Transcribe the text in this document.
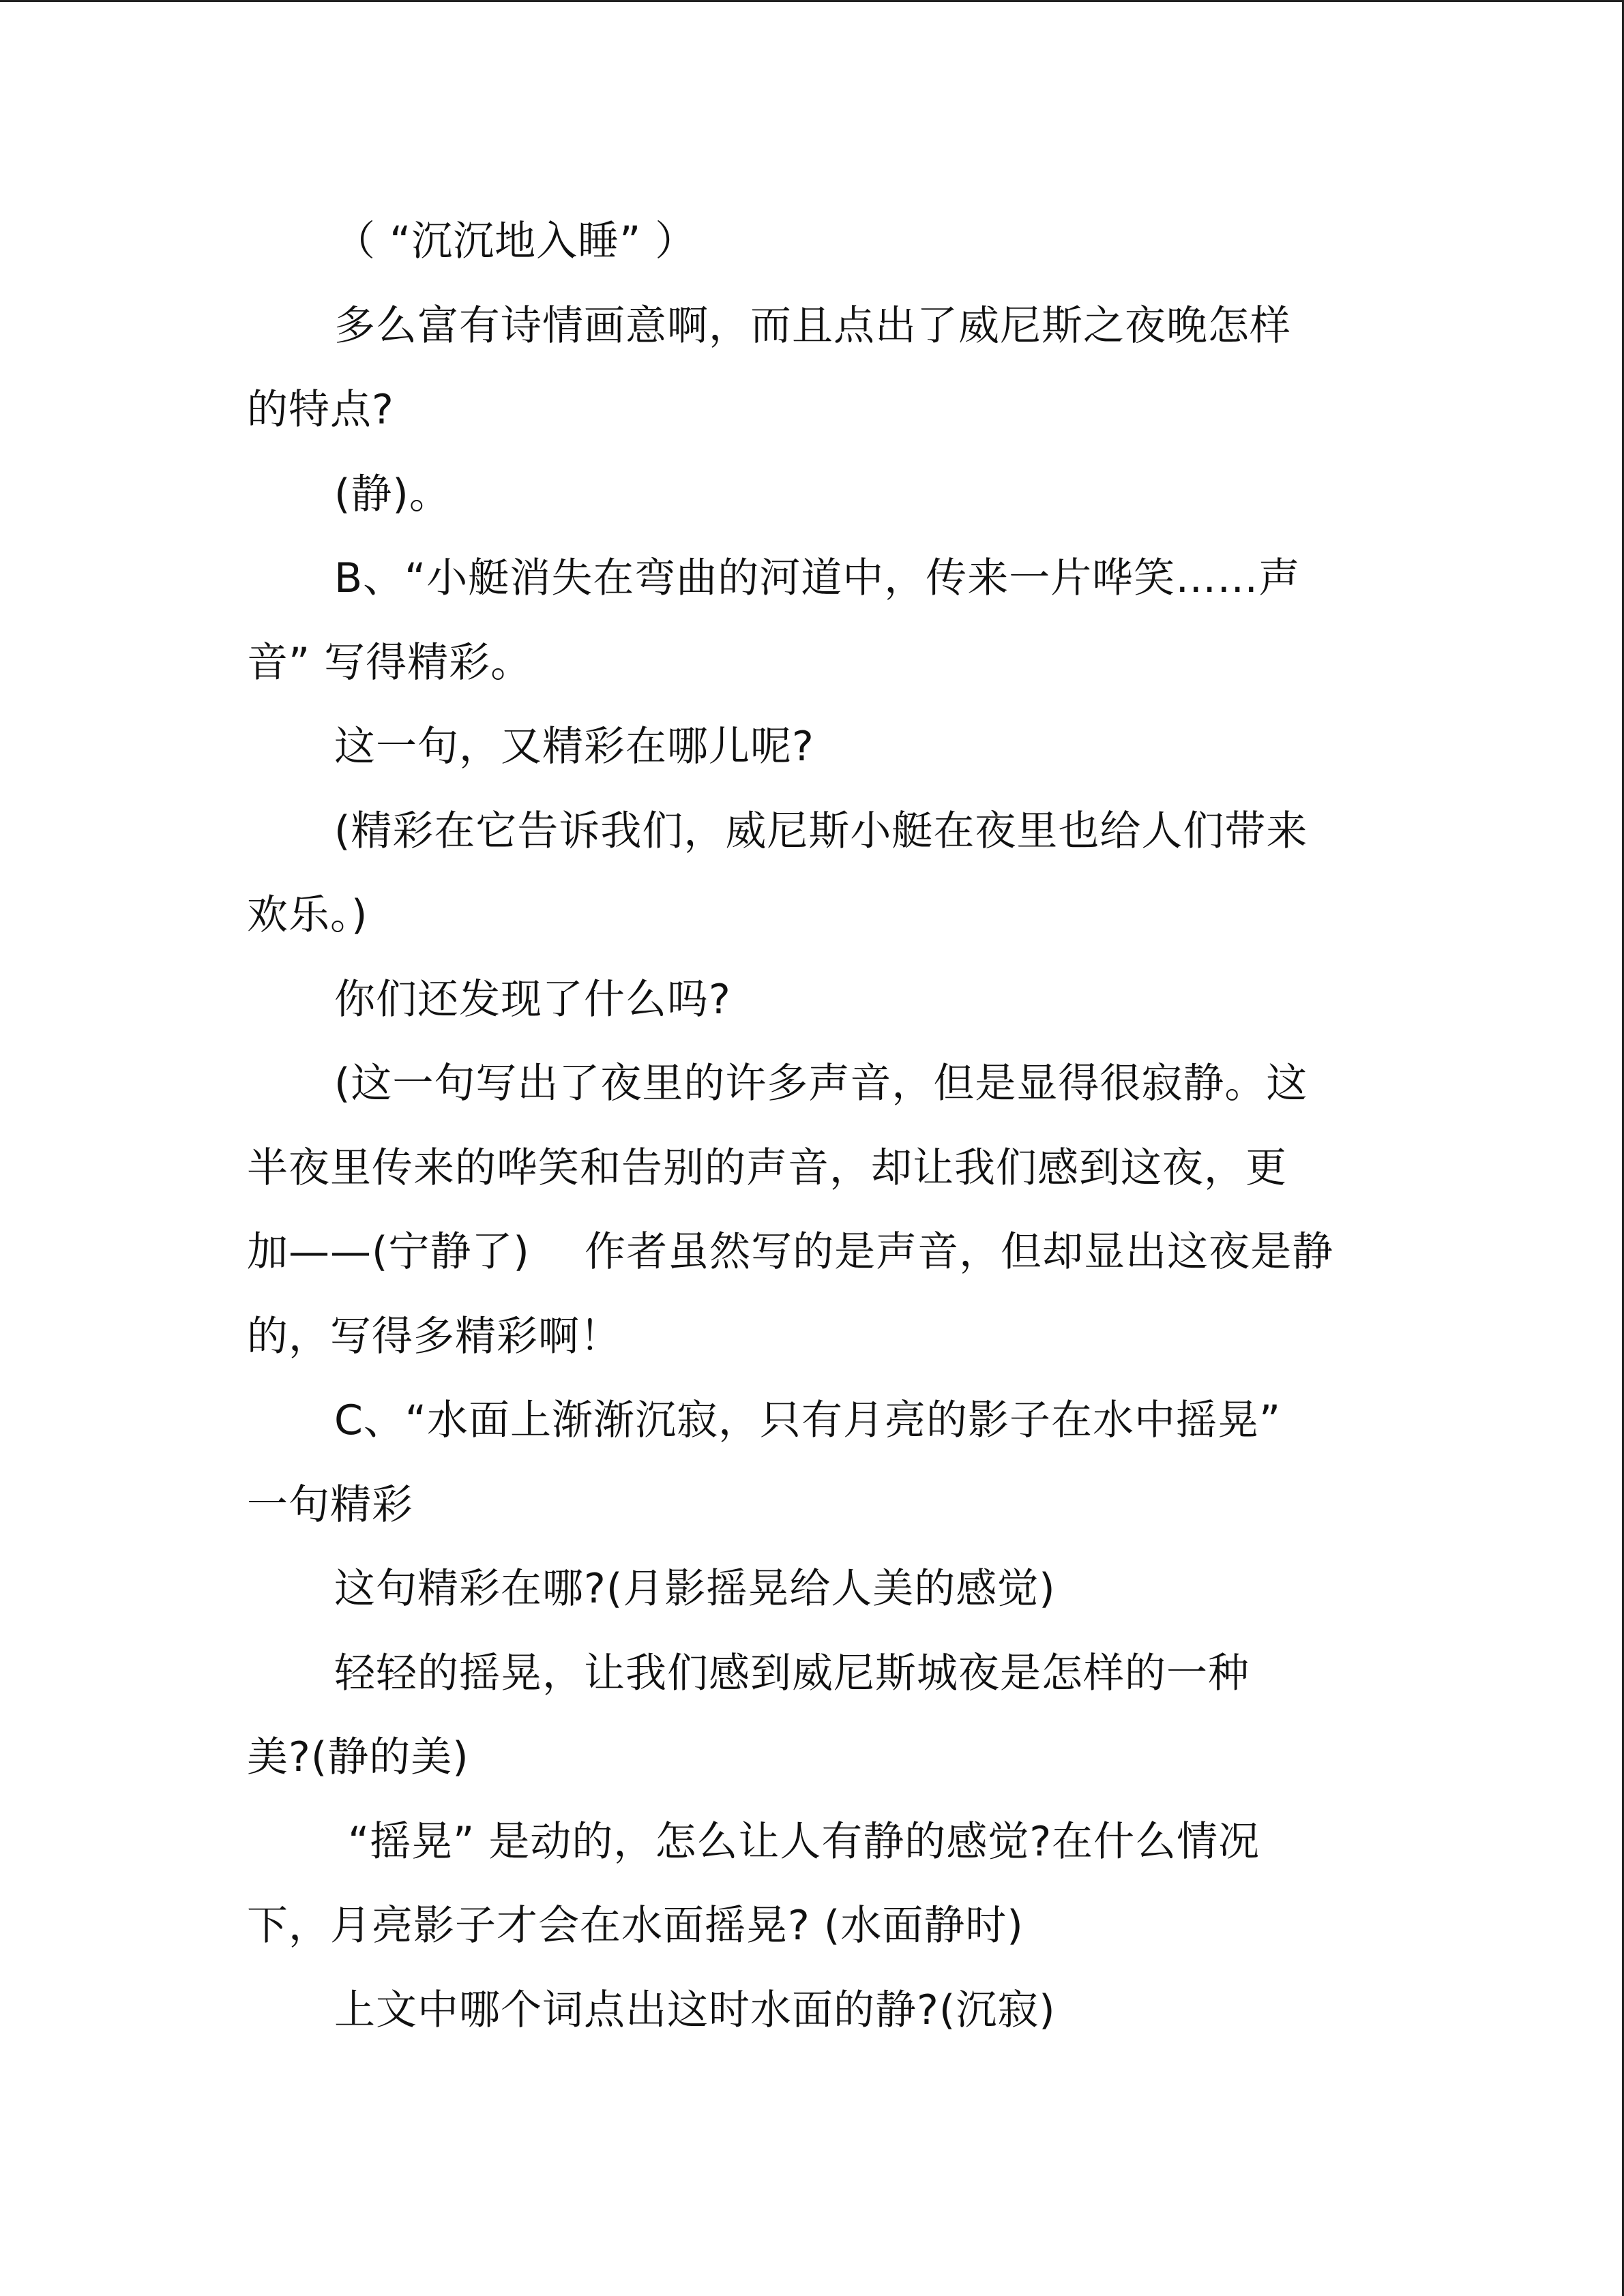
（ “沉沉地入睡” ）
多么富有诗情画意啊，而且点出了威尼斯之夜晚怎样
的特点?
(静)。
B、“小艇消失在弯曲的河道中，传来一片哗笑……声
音” 写得精彩。
这一句，又精彩在哪儿呢?
(精彩在它告诉我们，威尼斯小艇在夜里也给人们带来
欢乐。)
你们还发现了什么吗?
(这一句写出了夜里的许多声音，但是显得很寂静。这
半夜里传来的哗笑和告别的声音，却让我们感到这夜，更
加——(宁静了)    作者虽然写的是声音，但却显出这夜是静
的，写得多精彩啊！
C、“水面上渐渐沉寂，只有月亮的影子在水中摇晃”
一句精彩
这句精彩在哪?(月影摇晃给人美的感觉)
轻轻的摇晃，让我们感到威尼斯城夜是怎样的一种
美?(静的美)
“摇晃” 是动的，怎么让人有静的感觉?在什么情况
下，月亮影子才会在水面摇晃? (水面静时)
上文中哪个词点出这时水面的静?(沉寂)
